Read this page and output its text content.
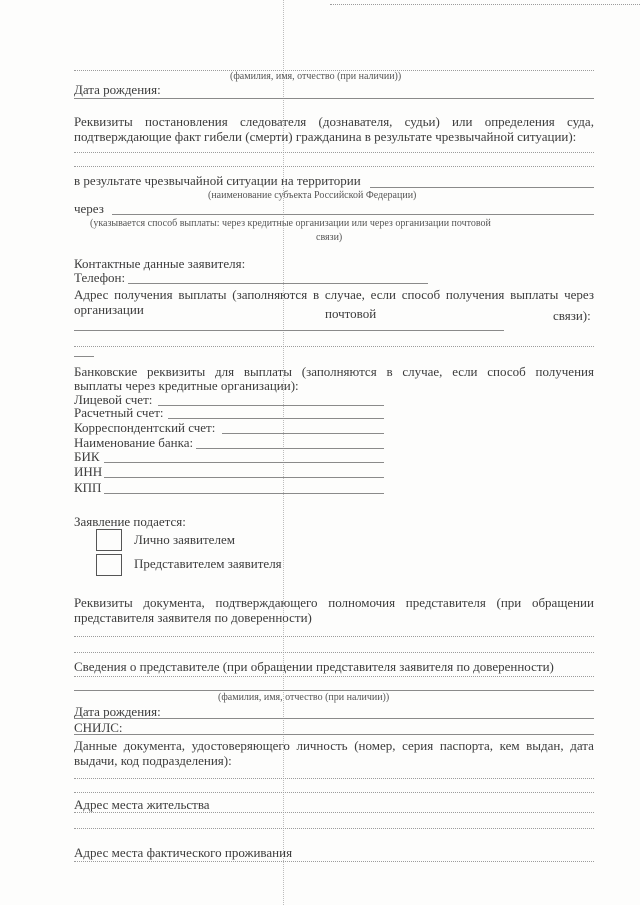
(фамилия, имя, отчество (при наличии))
Дата рождения:
Реквизиты постановления следователя (дознавателя, судьи) или определения суда,
подтверждающие факт гибели (смерти) гражданина в результате чрезвычайной ситуации):
в результате чрезвычайной ситуации на территории
(наименование субъекта Российской Федерации)
через
(указывается способ выплаты: через кредитные организации или через организации почтовой
связи)
Контактные данные заявителя:
Телефон:
Адрес получения выплаты (заполняются в случае, если способ получения выплаты через
организации	почтовой	связи):
Банковские реквизиты для выплаты (заполняются в случае, если способ получения
выплаты через кредитные организации):
Лицевой счет:
Расчетный счет:
Корреспондентский счет:
Наименование банка:
БИК
ИНН
КПП
Заявление подается:
Лично заявителем
Представителем заявителя
Реквизиты документа, подтверждающего полномочия представителя (при обращении
представителя заявителя по доверенности)
Сведения о представителе (при обращении представителя заявителя по доверенности)
(фамилия, имя, отчество (при наличии))
Дата рождения:
СНИЛС:
Данные документа, удостоверяющего личность (номер, серия паспорта, кем выдан, дата
выдачи, код подразделения):
Адрес места жительства
Адрес места фактического проживания
